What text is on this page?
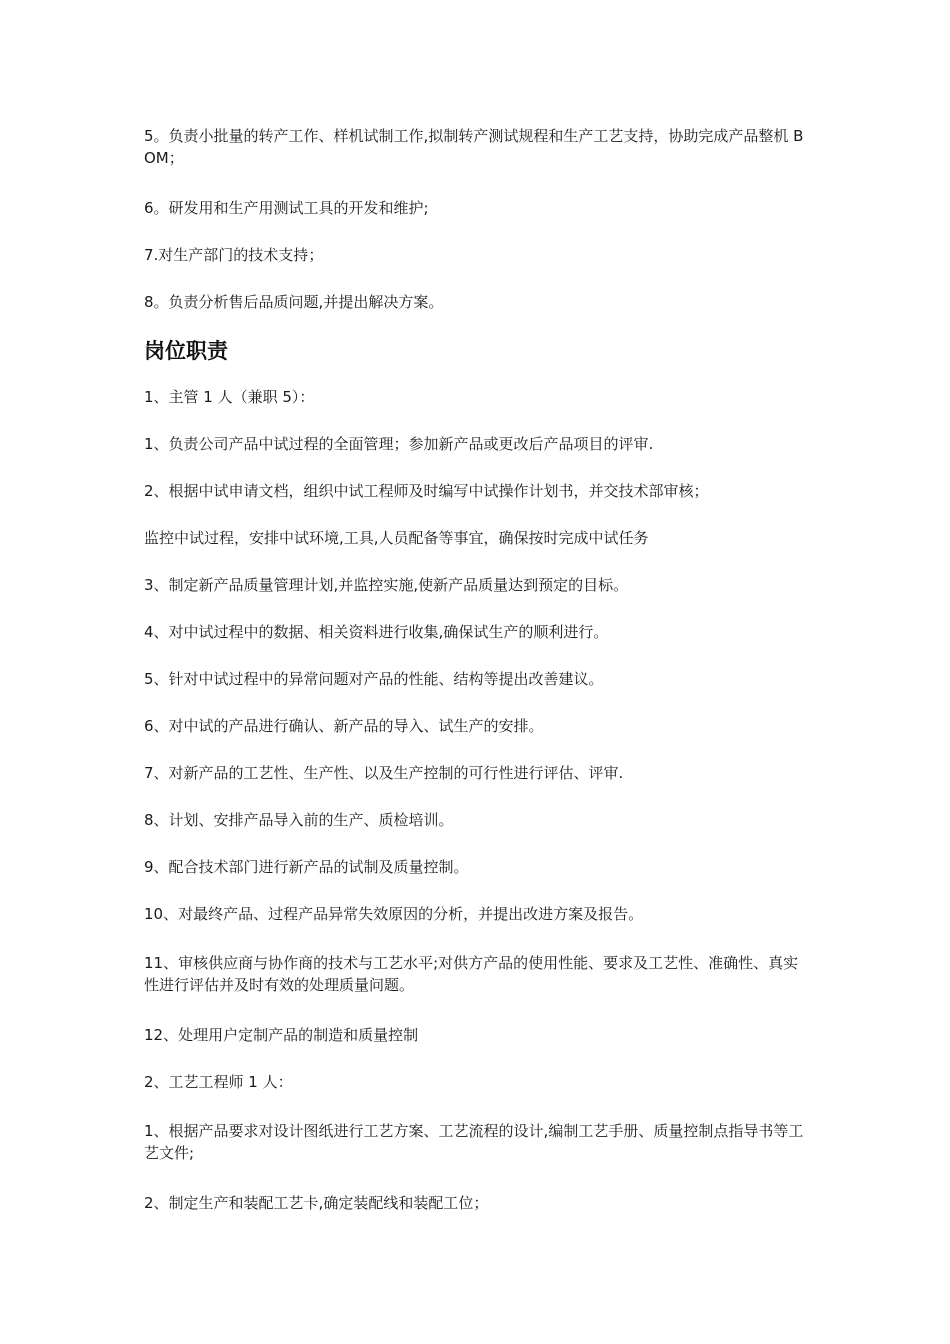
5。负责小批量的转产工作、样机试制工作,拟制转产测试规程和生产工艺支持，协助完成产品整机 BOM；

6。研发用和生产用测试工具的开发和维护;

7.对生产部门的技术支持；

8。负责分析售后品质问题,并提出解决方案。

岗位职责

1、主管 1 人（兼职 5）：

1、负责公司产品中试过程的全面管理；参加新产品或更改后产品项目的评审.

2、根据中试申请文档，组织中试工程师及时编写中试操作计划书，并交技术部审核；

监控中试过程，安排中试环境,工具,人员配备等事宜，确保按时完成中试任务

3、制定新产品质量管理计划,并监控实施,使新产品质量达到预定的目标。

4、对中试过程中的数据、相关资料进行收集,确保试生产的顺利进行。

5、针对中试过程中的异常问题对产品的性能、结构等提出改善建议。

6、对中试的产品进行确认、新产品的导入、试生产的安排。

7、对新产品的工艺性、生产性、以及生产控制的可行性进行评估、评审.

8、计划、安排产品导入前的生产、质检培训。

9、配合技术部门进行新产品的试制及质量控制。

10、对最终产品、过程产品异常失效原因的分析，并提出改进方案及报告。

11、审核供应商与协作商的技术与工艺水平;对供方产品的使用性能、要求及工艺性、准确性、真实性进行评估并及时有效的处理质量问题。

12、处理用户定制产品的制造和质量控制

2、工艺工程师 1 人：

1、根据产品要求对设计图纸进行工艺方案、工艺流程的设计,编制工艺手册、质量控制点指导书等工艺文件;

2、制定生产和装配工艺卡,确定装配线和装配工位；
